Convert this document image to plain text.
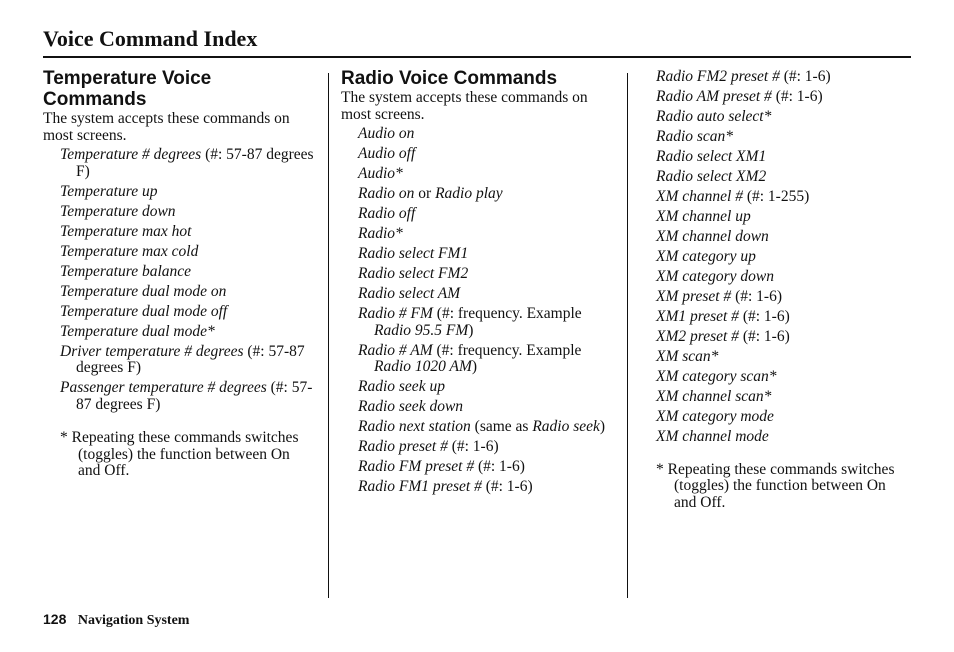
Voice Command Index
Temperature Voice Commands

The system accepts these commands on most screens.

Temperature # degrees (#: 57-87 degrees F)
Temperature up
Temperature down
Temperature max hot
Temperature max cold
Temperature balance
Temperature dual mode on
Temperature dual mode off
Temperature dual mode*
Driver temperature # degrees (#: 57-87 degrees F)
Passenger temperature # degrees (#: 57-87 degrees F)

* Repeating these commands switches (toggles) the function between On and Off.

Radio Voice Commands

The system accepts these commands on most screens.

Audio on
Audio off
Audio*
Radio on or Radio play
Radio off
Radio*
Radio select FM1
Radio select FM2
Radio select AM
Radio # FM (#: frequency. Example Radio 95.5 FM)
Radio # AM (#: frequency. Example Radio 1020 AM)
Radio seek up
Radio seek down
Radio next station (same as Radio seek)
Radio preset # (#: 1-6)
Radio FM preset # (#: 1-6)
Radio FM1 preset # (#: 1-6)
Radio FM2 preset # (#: 1-6)
Radio AM preset # (#: 1-6)
Radio auto select*
Radio scan*
Radio select XM1
Radio select XM2
XM channel # (#: 1-255)
XM channel up
XM channel down
XM category up
XM category down
XM preset # (#: 1-6)
XM1 preset # (#: 1-6)
XM2 preset # (#: 1-6)
XM scan*
XM category scan*
XM channel scan*
XM category mode
XM channel mode

* Repeating these commands switches (toggles) the function between On and Off.

128 Navigation System
